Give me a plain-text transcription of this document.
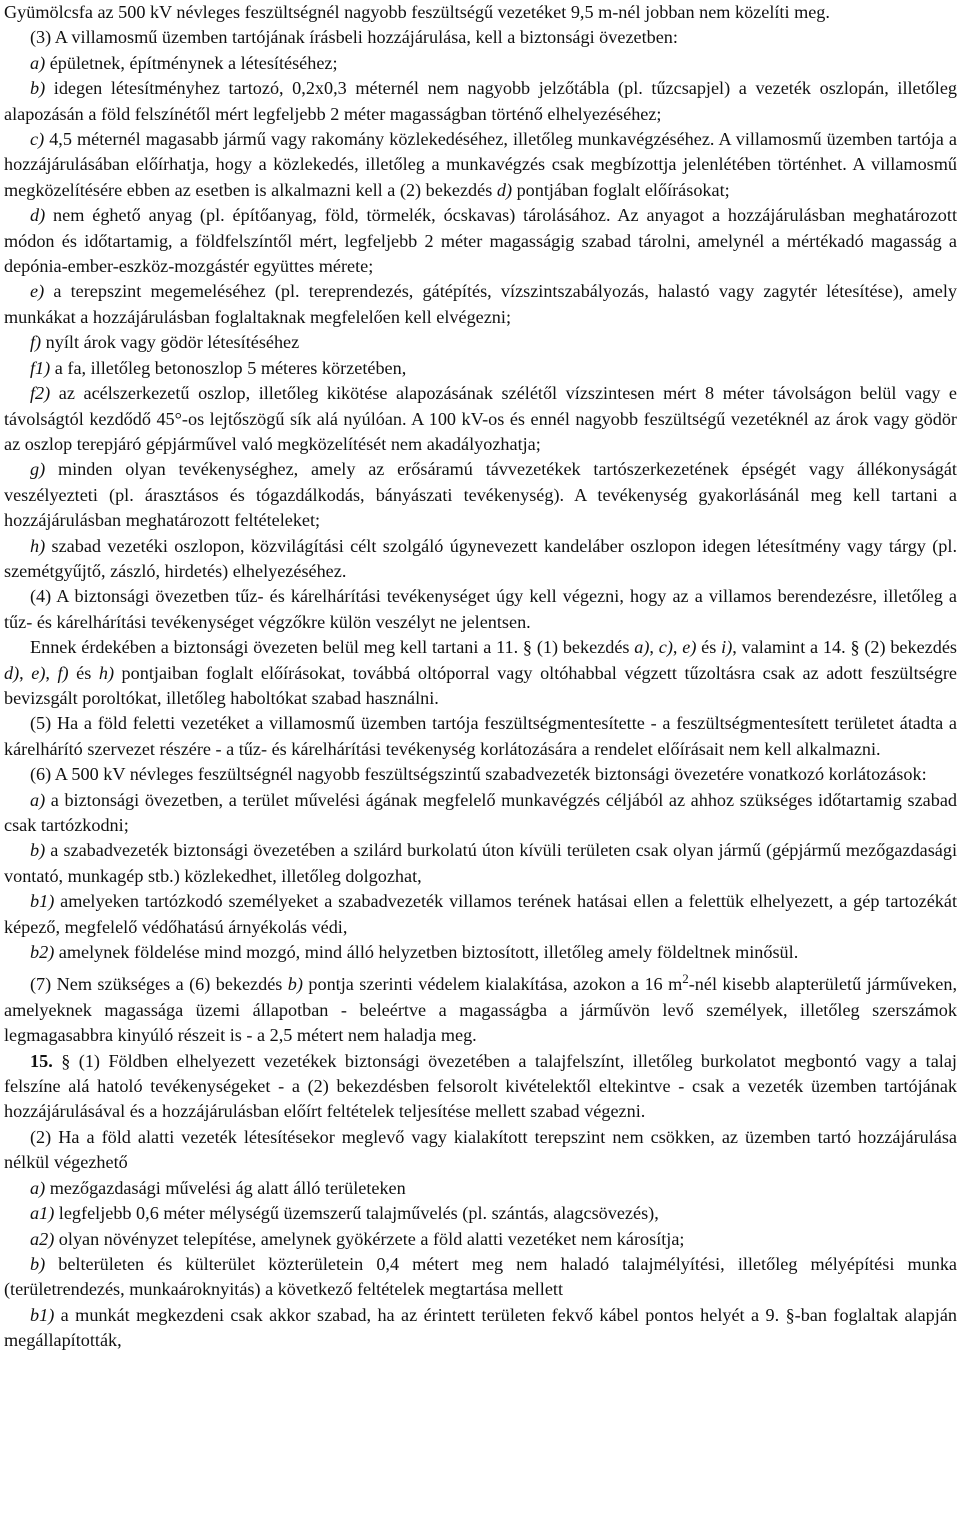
Gyümölcsfa az 500 kV névleges feszültségnél nagyobb feszültségű vezetéket 9,5 m-nél jobban nem közelíti meg.

(3) A villamosmű üzemben tartójának írásbeli hozzájárulása, kell a biztonsági övezetben:

a) épületnek, építménynek a létesítéséhez;

b) idegen létesítményhez tartozó, 0,2x0,3 méternél nem nagyobb jelzőtábla (pl. tűzcsapjel) a vezeték oszlopán, illetőleg alapozásán a föld felszínétől mért legfeljebb 2 méter magasságban történő elhelyezéséhez;

c) 4,5 méternél magasabb jármű vagy rakomány közlekedéséhez, illetőleg munkavégzéséhez. A villamosmű üzemben tartója a hozzájárulásában előírhatja, hogy a közlekedés, illetőleg a munkavégzés csak megbízottja jelenlétében történhet. A villamosmű megközelítésére ebben az esetben is alkalmazni kell a (2) bekezdés d) pontjában foglalt előírásokat;

d) nem éghető anyag (pl. építőanyag, föld, törmelék, ócskavas) tárolásához. Az anyagot a hozzájárulásban meghatározott módon és időtartamig, a földfelszíntől mért, legfeljebb 2 méter magasságig szabad tárolni, amelynél a mértékadó magasság a depónia-ember-eszköz-mozgástér együttes mérete;

e) a terepszint megemeléséhez (pl. tereprendezés, gátépítés, vízszintszabályozás, halastó vagy zagytér létesítése), amely munkákat a hozzájárulásban foglaltaknak megfelelően kell elvégezni;

f) nyílt árok vagy gödör létesítéséhez

f1) a fa, illetőleg betonoszlop 5 méteres körzetében,

f2) az acélszerkezetű oszlop, illetőleg kikötése alapozásának szélétől vízszintesen mért 8 méter távolságon belül vagy e távolságtól kezdődő 45°-os lejtőszögű sík alá nyúlóan. A 100 kV-os és ennél nagyobb feszültségű vezetéknél az árok vagy gödör az oszlop terepjáró gépjárművel való megközelítését nem akadályozhatja;

g) minden olyan tevékenységhez, amely az erősáramú távvezetékek tartószerkezetének épségét vagy állékonyságát veszélyezteti (pl. árasztásos és tógazdálkodás, bányászati tevékenység). A tevékenység gyakorlásánál meg kell tartani a hozzájárulásban meghatározott feltételeket;

h) szabad vezetéki oszlopon, közvilágítási célt szolgáló úgynevezett kandeláber oszlopon idegen létesítmény vagy tárgy (pl. szemétgyűjtő, zászló, hirdetés) elhelyezéséhez.

(4) A biztonsági övezetben tűz- és kárelhárítási tevékenységet úgy kell végezni, hogy az a villamos berendezésre, illetőleg a tűz- és kárelhárítási tevékenységet végzőkre külön veszélyt ne jelentsen.

Ennek érdekében a biztonsági övezeten belül meg kell tartani a 11. § (1) bekezdés a), c), e) és i), valamint a 14. § (2) bekezdés d), e), f) és h) pontjaiban foglalt előírásokat, továbbá oltóporral vagy oltóhabbal végzett tűzoltásra csak az adott feszültségre bevizsgált poroltókat, illetőleg haboltókat szabad használni.

(5) Ha a föld feletti vezetéket a villamosmű üzemben tartója feszültségmentesítette - a feszültségmentesített területet átadta a kárelhárító szervezet részére - a tűz- és kárelhárítási tevékenység korlátozására a rendelet előírásait nem kell alkalmazni.

(6) A 500 kV névleges feszültségnél nagyobb feszültségszintű szabadvezeték biztonsági övezetére vonatkozó korlátozások:

a) a biztonsági övezetben, a terület művelési ágának megfelelő munkavégzés céljából az ahhoz szükséges időtartamig szabad csak tartózkodni;

b) a szabadvezeték biztonsági övezetében a szilárd burkolatú úton kívüli területen csak olyan jármű (gépjármű mezőgazdasági vontató, munkagép stb.) közlekedhet, illetőleg dolgozhat,

b1) amelyeken tartózkodó személyeket a szabadvezeték villamos terének hatásai ellen a felettük elhelyezett, a gép tartozékát képező, megfelelő védőhatású árnyékolás védi,

b2) amelynek földelése mind mozgó, mind álló helyzetben biztosított, illetőleg amely földeltnek minősül.

(7) Nem szükséges a (6) bekezdés b) pontja szerinti védelem kialakítása, azokon a 16 $m^2$-nél kisebb alapterületű járműveken, amelyeknek magassága üzemi állapotban - beleértve a magasságba a járművön levő személyek, illetőleg szerszámok legmagasabbra kinyúló részeit is - a 2,5 métert nem haladja meg.

15. § (1) Földben elhelyezett vezetékek biztonsági övezetében a talajfelszínt, illetőleg burkolatot megbontó vagy a talaj felszíne alá hatoló tevékenységeket - a (2) bekezdésben felsorolt kivételektől eltekintve - csak a vezeték üzemben tartójának hozzájárulásával és a hozzájárulásban előírt feltételek teljesítése mellett szabad végezni.

(2) Ha a föld alatti vezeték létesítésekor meglevő vagy kialakított terepszint nem csökken, az üzemben tartó hozzájárulása nélkül végezhető

a) mezőgazdasági művelési ág alatt álló területeken

a1) legfeljebb 0,6 méter mélységű üzemszerű talajművelés (pl. szántás, alagcsövezés),

a2) olyan növényzet telepítése, amelynek gyökérzete a föld alatti vezetéket nem károsítja;

b) belterületen és külterület közterületein 0,4 métert meg nem haladó talajmélyítési, illetőleg mélyépítési munka (területrendezés, munkaároknyitás) a következő feltételek megtartása mellett

b1) a munkát megkezdeni csak akkor szabad, ha az érintett területen fekvő kábel pontos helyét a 9. §-ban foglaltak alapján megállapították,
